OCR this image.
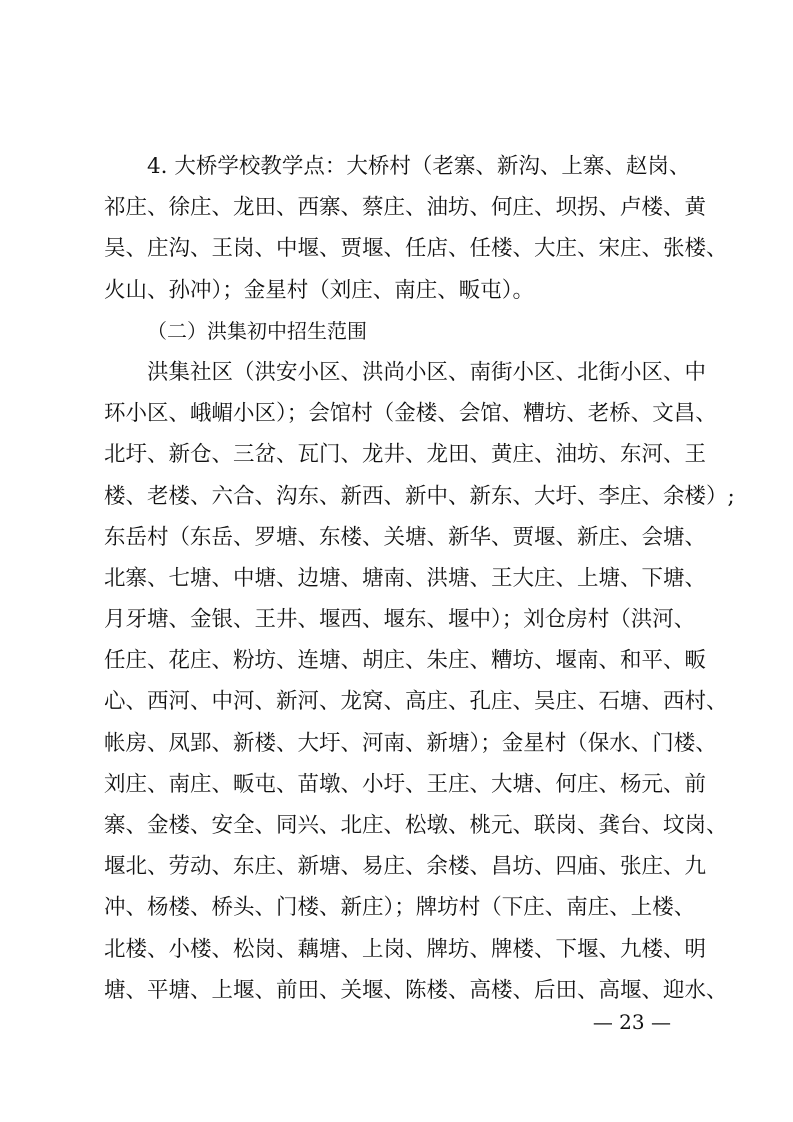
4. 大桥学校教学点：大桥村（老寨、新沟、上寨、赵岗、
祁庄、徐庄、龙田、西寨、蔡庄、油坊、何庄、坝拐、卢楼、黄
吴、庄沟、王岗、中堰、贾堰、任店、任楼、大庄、宋庄、张楼、
火山、孙冲）；金星村（刘庄、南庄、畈屯）。
（二）洪集初中招生范围
洪集社区（洪安小区、洪尚小区、南街小区、北街小区、中
环小区、峨嵋小区）；会馆村（金楼、会馆、糟坊、老桥、文昌、
北圩、新仓、三岔、瓦门、龙井、龙田、黄庄、油坊、东河、王
楼、老楼、六合、沟东、新西、新中、新东、大圩、李庄、余楼）;
东岳村（东岳、罗塘、东楼、关塘、新华、贾堰、新庄、会塘、
北寨、七塘、中塘、边塘、塘南、洪塘、王大庄、上塘、下塘、
月牙塘、金银、王井、堰西、堰东、堰中）；刘仓房村（洪河、
任庄、花庄、粉坊、连塘、胡庄、朱庄、糟坊、堰南、和平、畈
心、西河、中河、新河、龙窝、高庄、孔庄、吴庄、石塘、西村、
帐房、凤郢、新楼、大圩、河南、新塘）；金星村（保水、门楼、
刘庄、南庄、畈屯、苗墩、小圩、王庄、大塘、何庄、杨元、前
寨、金楼、安全、同兴、北庄、松墩、桃元、联岗、龚台、坟岗、
堰北、劳动、东庄、新塘、易庄、余楼、昌坊、四庙、张庄、九
冲、杨楼、桥头、门楼、新庄）；牌坊村（下庄、南庄、上楼、
北楼、小楼、松岗、藕塘、上岗、牌坊、牌楼、下堰、九楼、明
塘、平塘、上堰、前田、关堰、陈楼、高楼、后田、高堰、迎水、
— 23 —
